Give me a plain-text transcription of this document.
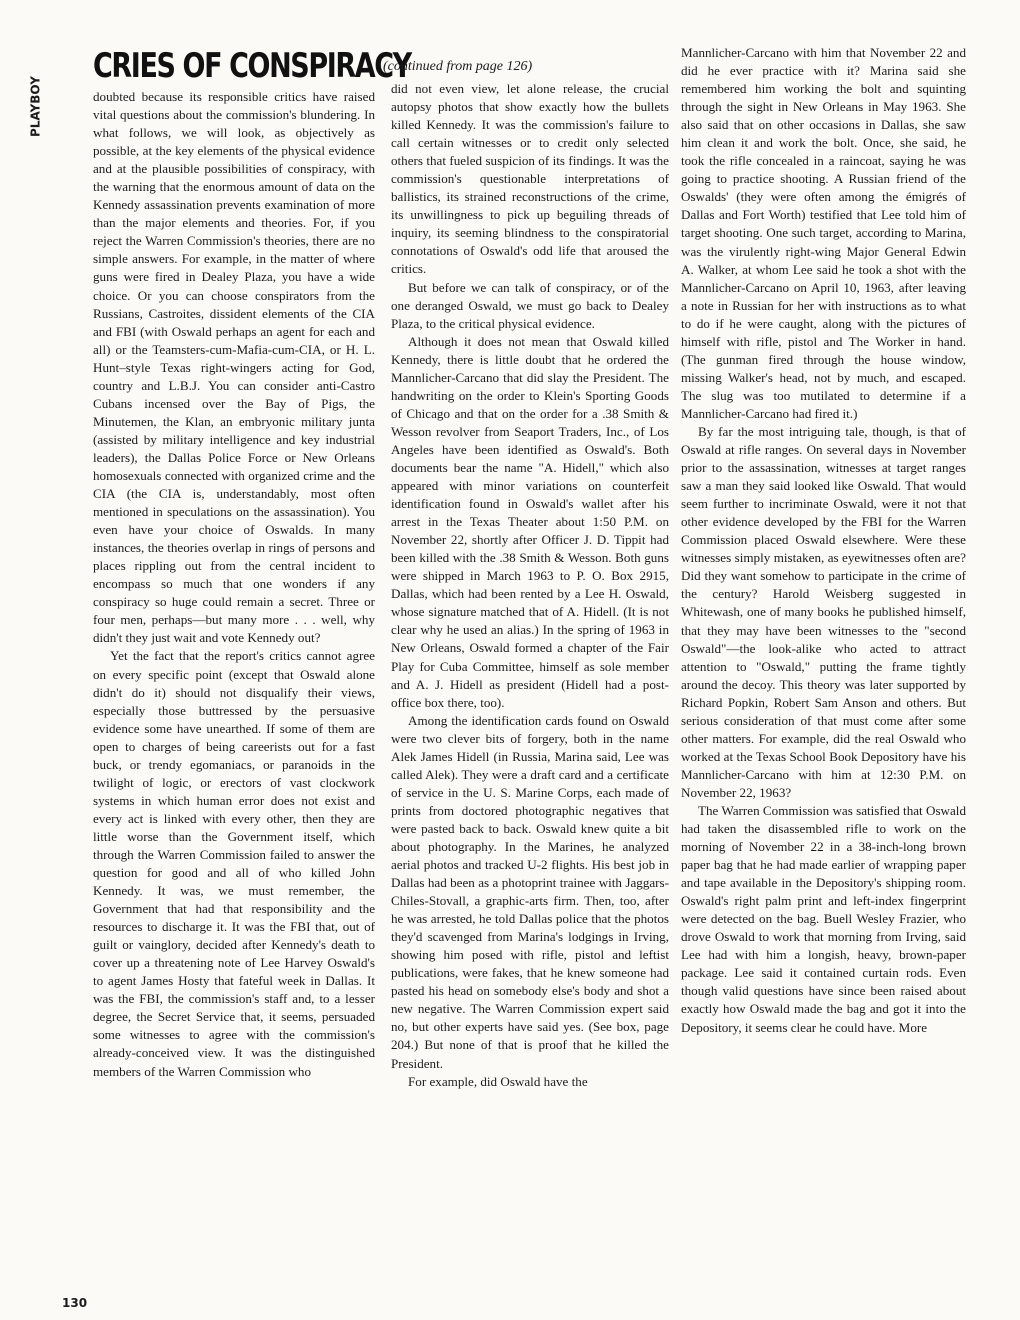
PLAYBOY
CRIES OF CONSPIRACY
(continued from page 126)

doubted because its responsible critics have raised vital questions about the commission's blundering. In what follows, we will look, as objectively as possible, at the key elements of the physical evidence and at the plausible possibilities of conspiracy, with the warning that the enormous amount of data on the Kennedy assassination prevents examination of more than the major elements and theories. For, if you reject the Warren Commission's theories, there are no simple answers. For example, in the matter of where guns were fired in Dealey Plaza, you have a wide choice. Or you can choose conspirators from the Russians, Castroites, dissident elements of the CIA and FBI (with Oswald perhaps an agent for each and all) or the Teamsters-cum-Mafia-cum-CIA, or H. L. Hunt–style Texas right-wingers acting for God, country and L.B.J. You can consider anti-Castro Cubans incensed over the Bay of Pigs, the Minutemen, the Klan, an embryonic military junta (assisted by military intelligence and key industrial leaders), the Dallas Police Force or New Orleans homosexuals connected with organized crime and the CIA (the CIA is, understandably, most often mentioned in speculations on the assassination). You even have your choice of Oswalds. In many instances, the theories overlap in rings of persons and places rippling out from the central incident to encompass so much that one wonders if any conspiracy so huge could remain a secret. Three or four men, perhaps—but many more . . . well, why didn't they just wait and vote Kennedy out?

Yet the fact that the report's critics cannot agree on every specific point (except that Oswald alone didn't do it) should not disqualify their views, especially those buttressed by the persuasive evidence some have unearthed. If some of them are open to charges of being careerists out for a fast buck, or trendy egomaniacs, or paranoids in the twilight of logic, or erectors of vast clockwork systems in which human error does not exist and every act is linked with every other, then they are little worse than the Government itself, which through the Warren Commission failed to answer the question for good and all of who killed John Kennedy. It was, we must remember, the Government that had that responsibility and the resources to discharge it. It was the FBI that, out of guilt or vainglory, decided after Kennedy's death to cover up a threatening note of Lee Harvey Oswald's to agent James Hosty that fateful week in Dallas. It was the FBI, the commission's staff and, to a lesser degree, the Secret Service that, it seems, persuaded some witnesses to agree with the commission's already-conceived view. It was the distinguished members of the Warren Commission who

did not even view, let alone release, the crucial autopsy photos that show exactly how the bullets killed Kennedy. It was the commission's failure to call certain witnesses or to credit only selected others that fueled suspicion of its findings. It was the commission's questionable interpretations of ballistics, its strained reconstructions of the crime, its unwillingness to pick up beguiling threads of inquiry, its seeming blindness to the conspiratorial connotations of Oswald's odd life that aroused the critics.

But before we can talk of conspiracy, or of the one deranged Oswald, we must go back to Dealey Plaza, to the critical physical evidence.

Although it does not mean that Oswald killed Kennedy, there is little doubt that he ordered the Mannlicher-Carcano that did slay the President. The handwriting on the order to Klein's Sporting Goods of Chicago and that on the order for a .38 Smith & Wesson revolver from Seaport Traders, Inc., of Los Angeles have been identified as Oswald's. Both documents bear the name "A. Hidell," which also appeared with minor variations on counterfeit identification found in Oswald's wallet after his arrest in the Texas Theater about 1:50 P.M. on November 22, shortly after Officer J. D. Tippit had been killed with the .38 Smith & Wesson. Both guns were shipped in March 1963 to P. O. Box 2915, Dallas, which had been rented by a Lee H. Oswald, whose signature matched that of A. Hidell. (It is not clear why he used an alias.) In the spring of 1963 in New Orleans, Oswald formed a chapter of the Fair Play for Cuba Committee, himself as sole member and A. J. Hidell as president (Hidell had a post-office box there, too).

Among the identification cards found on Oswald were two clever bits of forgery, both in the name Alek James Hidell (in Russia, Marina said, Lee was called Alek). They were a draft card and a certificate of service in the U. S. Marine Corps, each made of prints from doctored photographic negatives that were pasted back to back. Oswald knew quite a bit about photography. In the Marines, he analyzed aerial photos and tracked U-2 flights. His best job in Dallas had been as a photoprint trainee with Jaggars-Chiles-Stovall, a graphic-arts firm. Then, too, after he was arrested, he told Dallas police that the photos they'd scavenged from Marina's lodgings in Irving, showing him posed with rifle, pistol and leftist publications, were fakes, that he knew someone had pasted his head on somebody else's body and shot a new negative. The Warren Commission expert said no, but other experts have said yes. (See box, page 204.) But none of that is proof that he killed the President.

For example, did Oswald have the

Mannlicher-Carcano with him that November 22 and did he ever practice with it? Marina said she remembered him working the bolt and squinting through the sight in New Orleans in May 1963. She also said that on other occasions in Dallas, she saw him clean it and work the bolt. Once, she said, he took the rifle concealed in a raincoat, saying he was going to practice shooting. A Russian friend of the Oswalds' (they were often among the émigrés of Dallas and Fort Worth) testified that Lee told him of target shooting. One such target, according to Marina, was the virulently right-wing Major General Edwin A. Walker, at whom Lee said he took a shot with the Mannlicher-Carcano on April 10, 1963, after leaving a note in Russian for her with instructions as to what to do if he were caught, along with the pictures of himself with rifle, pistol and The Worker in hand. (The gunman fired through the house window, missing Walker's head, not by much, and escaped. The slug was too mutilated to determine if a Mannlicher-Carcano had fired it.)

By far the most intriguing tale, though, is that of Oswald at rifle ranges. On several days in November prior to the assassination, witnesses at target ranges saw a man they said looked like Oswald. That would seem further to incriminate Oswald, were it not that other evidence developed by the FBI for the Warren Commission placed Oswald elsewhere. Were these witnesses simply mistaken, as eyewitnesses often are? Did they want somehow to participate in the crime of the century? Harold Weisberg suggested in Whitewash, one of many books he published himself, that they may have been witnesses to the "second Oswald"—the look-alike who acted to attract attention to "Oswald," putting the frame tightly around the decoy. This theory was later supported by Richard Popkin, Robert Sam Anson and others. But serious consideration of that must come after some other matters. For example, did the real Oswald who worked at the Texas School Book Depository have his Mannlicher-Carcano with him at 12:30 P.M. on November 22, 1963?

The Warren Commission was satisfied that Oswald had taken the disassembled rifle to work on the morning of November 22 in a 38-inch-long brown paper bag that he had made earlier of wrapping paper and tape available in the Depository's shipping room. Oswald's right palm print and left-index fingerprint were detected on the bag. Buell Wesley Frazier, who drove Oswald to work that morning from Irving, said Lee had with him a longish, heavy, brown-paper package. Lee said it contained curtain rods. Even though valid questions have since been raised about exactly how Oswald made the bag and got it into the Depository, it seems clear he could have. More

130
